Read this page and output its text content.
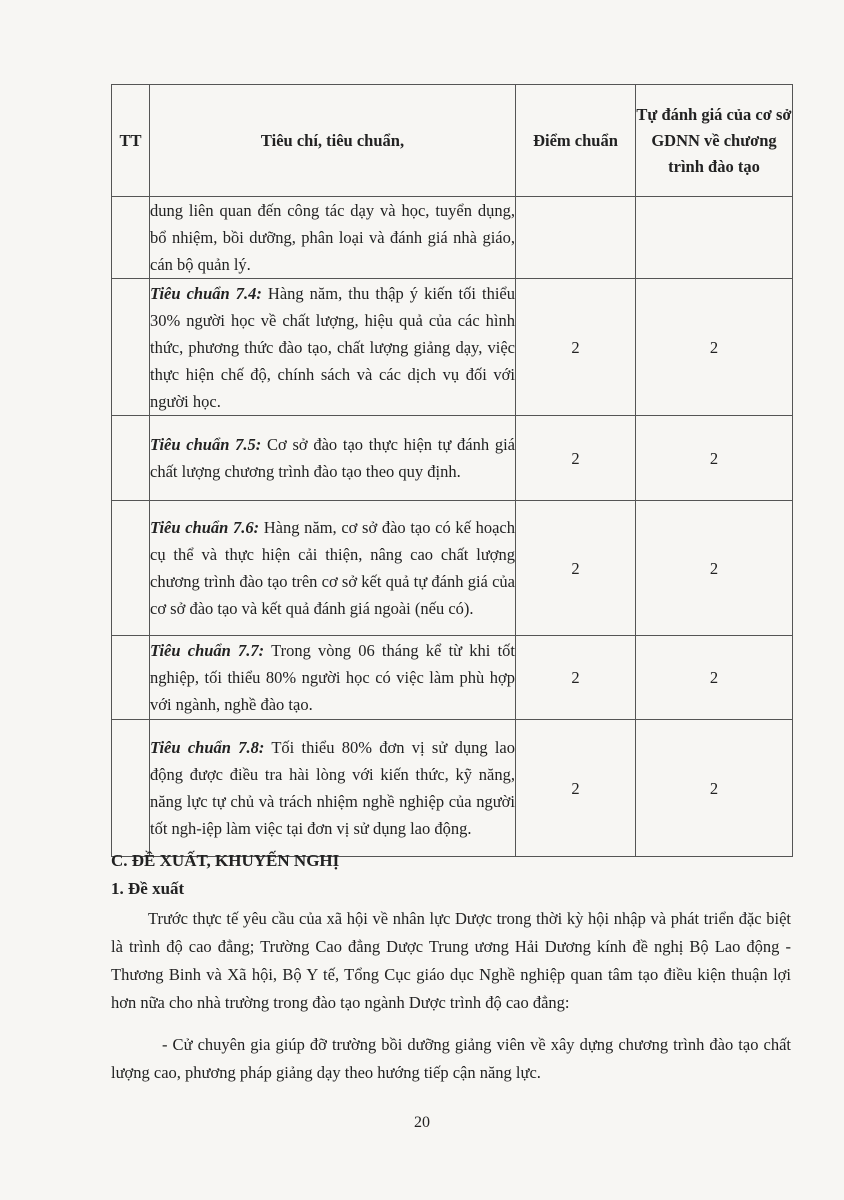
TT	Tiêu chí, tiêu chuẩn,	Điểm chuẩn	Tự đánh giá của cơ sở GDNN về chương trình đào tạo
	dung liên quan đến công tác dạy và học, tuyển dụng, bổ nhiệm, bồi dưỡng, phân loại và đánh giá nhà giáo, cán bộ quản lý.		
	Tiêu chuẩn 7.4: Hàng năm, thu thập ý kiến tối thiểu 30% người học về chất lượng, hiệu quả của các hình thức, phương thức đào tạo, chất lượng giảng dạy, việc thực hiện chế độ, chính sách và các dịch vụ đối với người học.	2	2
	Tiêu chuẩn 7.5: Cơ sở đào tạo thực hiện tự đánh giá chất lượng chương trình đào tạo theo quy định.	2	2
	Tiêu chuẩn 7.6: Hàng năm, cơ sở đào tạo có kế hoạch cụ thể và thực hiện cải thiện, nâng cao chất lượng chương trình đào tạo trên cơ sở kết quả tự đánh giá của cơ sở đào tạo và kết quả đánh giá ngoài (nếu có).	2	2
	Tiêu chuẩn 7.7: Trong vòng 06 tháng kể từ khi tốt nghiệp, tối thiểu 80% người học có việc làm phù hợp với ngành, nghề đào tạo.	2	2
	Tiêu chuẩn 7.8: Tối thiểu 80% đơn vị sử dụng lao động được điều tra hài lòng với kiến thức, kỹ năng, năng lực tự chủ và trách nhiệm nghề nghiệp của người tốt ngh-iệp làm việc tại đơn vị sử dụng lao động.	2	2
C. ĐỀ XUẤT, KHUYẾN NGHỊ
1. Đề xuất
Trước thực tế yêu cầu của xã hội về nhân lực Dược trong thời kỳ hội nhập và phát triển đặc biệt là trình độ cao đẳng; Trường Cao đẳng Dược Trung ương Hải Dương kính đề nghị Bộ Lao động - Thương Binh và Xã hội, Bộ Y tế, Tổng Cục giáo dục Nghề nghiệp quan tâm tạo điều kiện thuận lợi hơn nữa cho nhà trường trong đào tạo ngành Dược trình độ cao đẳng:
- Cử chuyên gia giúp đỡ trường bồi dưỡng giảng viên về xây dựng chương trình đào tạo chất lượng cao, phương pháp giảng dạy theo hướng tiếp cận năng lực.
20
